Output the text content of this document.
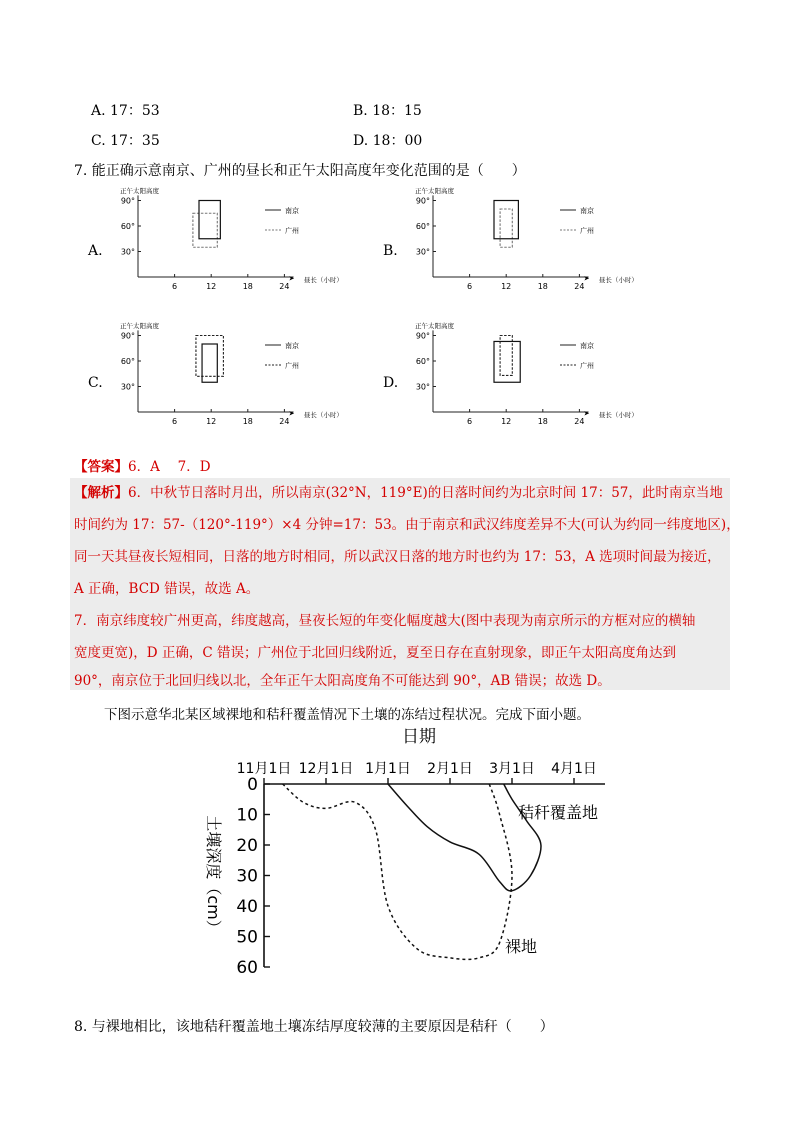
A. 17：53	B. 18：15
C. 17：35	D. 18：00
7. 能正确示意南京、广州的昼长和正午太阳高度年变化范围的是（　　）
A.
➤
90°
60°
30°
6	12	18	24
正午太阳高度
昼长（小时）
南京
广州
B.
➤
90°
60°
30°
6	12	18	24
正午太阳高度
昼长（小时）
南京
广州
C.
➤
90°
60°
30°
6	12	18	24
正午太阳高度
昼长（小时）
南京
广州
D.
➤
90°
60°
30°
6	12	18	24
正午太阳高度
昼长（小时）
南京
广州
【答案】6．A　 7．D
【解析】6．中秋节日落时月出，所以南京(32°N，119°E)的日落时间约为北京时间 17：57，此时南京当地
时间约为 17：57-（120°-119°）×4 分钟=17：53。由于南京和武汉纬度差异不大(可认为约同一纬度地区)，
同一天其昼夜长短相同，日落的地方时相同，所以武汉日落的地方时也约为 17：53，A 选项时间最为接近，
A 正确，BCD 错误，故选 A。
7．南京纬度较广州更高，纬度越高，昼夜长短的年变化幅度越大(图中表现为南京所示的方框对应的横轴
宽度更宽)，D 正确，C 错误；广州位于北回归线附近，夏至日存在直射现象，即正午太阳高度角达到
90°，南京位于北回归线以北，全年正午太阳高度角不可能达到 90°，AB 错误；故选 D。
下图示意华北某区域裸地和秸秆覆盖情况下土壤的冻结过程状况。完成下面小题。
日期
11月1日 12月1日 1月1日 2月1日 3月1日 4月1日
0
10
20
30
40
50
60
土壤深度（cm）
秸秆覆盖地
裸地
8. 与裸地相比，该地秸秆覆盖地土壤冻结厚度较薄的主要原因是秸秆（　　）
